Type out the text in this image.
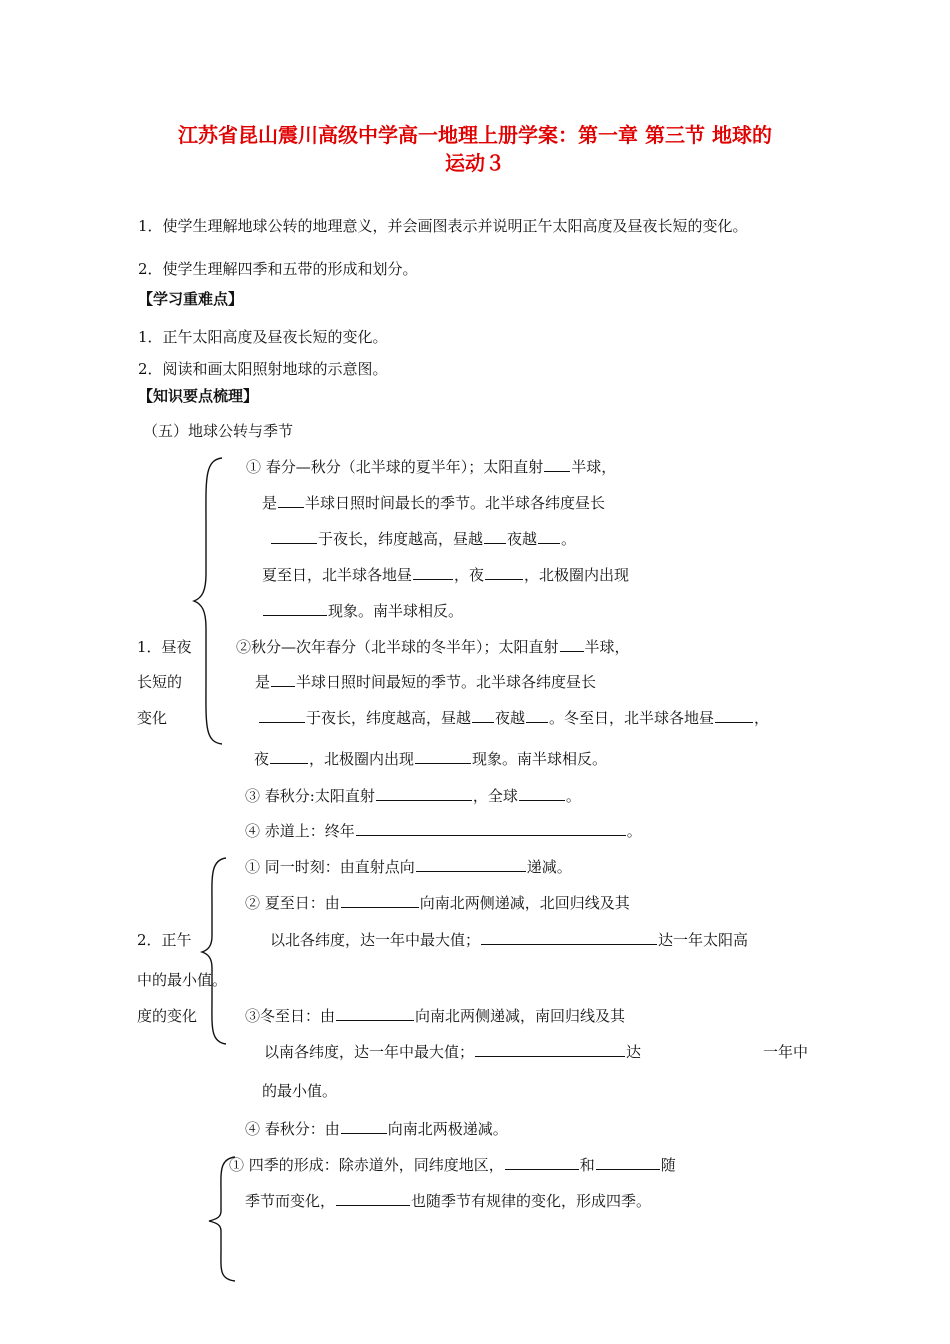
江苏省昆山震川高级中学高一地理上册学案：第一章 第三节 地球的
运动３
1．使学生理解地球公转的地理意义，并会画图表示并说明正午太阳高度及昼夜长短的变化。
2．使学生理解四季和五带的形成和划分。
【学习重难点】
1．正午太阳高度及昼夜长短的变化。
2．阅读和画太阳照射地球的示意图。
【知识要点梳理】
（五）地球公转与季节
1．昼夜
长短的
变化
① 春分—秋分（北半球的夏半年）；太阳直射 半球，
是 半球日照时间最长的季节。北半球各纬度昼长
于夜长，纬度越高，昼越 夜越 。
夏至日，北半球各地昼	，夜	，北极圈内出现
现象。南半球相反。
②秋分—次年春分（北半球的冬半年）；太阳直射 半球，
是 半球日照时间最短的季节。北半球各纬度昼长
于夜长，纬度越高，昼越 夜越 。冬至日，北半球各地昼	，
夜	，北极圈内出现	现象。南半球相反。
③ 春秋分:太阳直射	，全球	。
④ 赤道上：终年	。
2．正午
中的最小值。
度的变化
① 同一时刻：由直射点向	递减。
② 夏至日：由	向南北两侧递减，北回归线及其
以北各纬度，达一年中最大值；	达一年太阳高
③冬至日：由	向南北两侧递减，南回归线及其
以南各纬度，达一年中最大值；	达	一年中
的最小值。
④ 春秋分：由	向南北两极递减。
① 四季的形成：除赤道外，同纬度地区，	和	随
季节而变化，	也随季节有规律的变化，形成四季。
